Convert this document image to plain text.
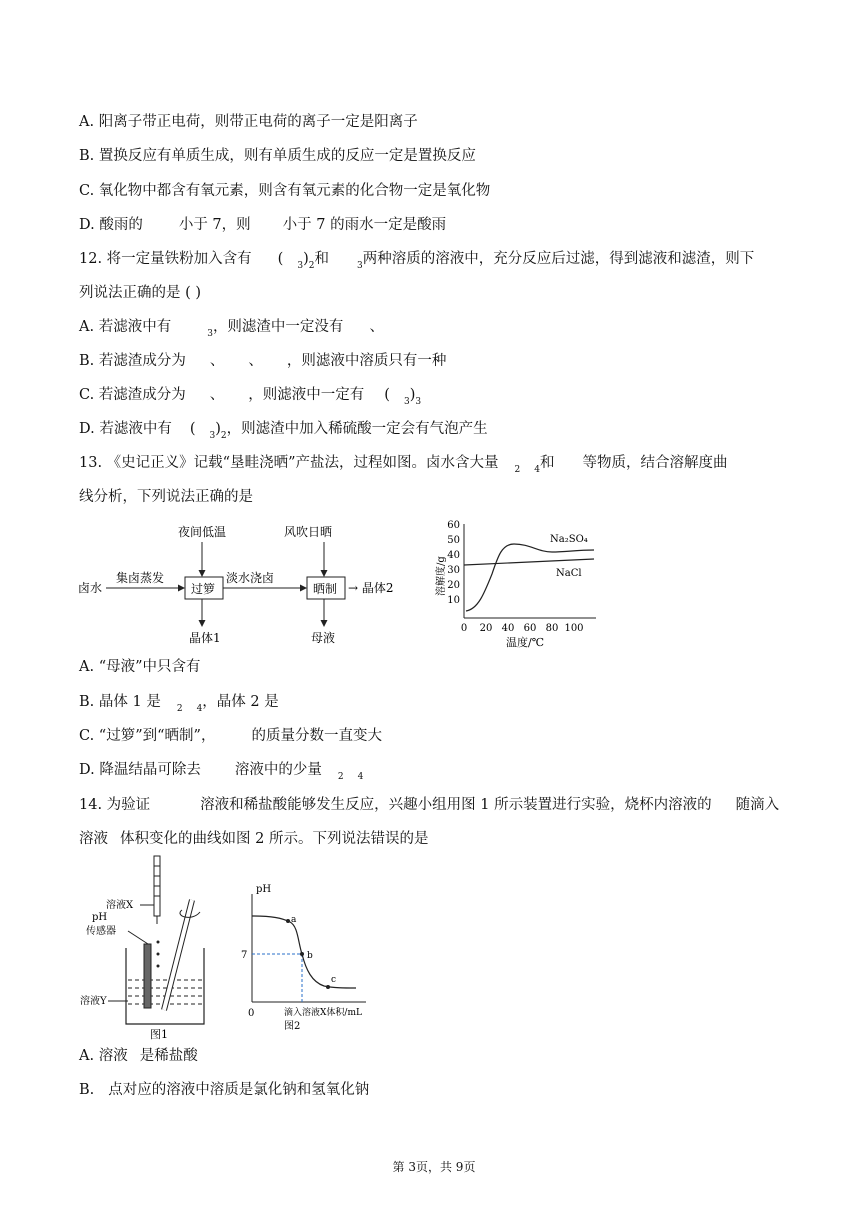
A. 阳离子带正电荷，则带正电荷的离子一定是阳离子
B. 置换反应有单质生成，则有单质生成的反应一定是置换反应
C. 氧化物中都含有氧元素，则含有氧元素的化合物一定是氧化物
D. 酸雨的 小于 7，则 小于 7 的雨水一定是酸雨
12. 将一定量铁粉加入含有 ( $_3)_2$和	$_3$两种溶质的溶液中，充分反应后过滤，得到滤液和滤渣，则下
列说法正确的是 ( )
A. 若滤液中有	$_3$，则滤渣中一定没有 、
B. 若滤渣成分为 、 、 ，则滤液中溶质只有一种
C. 若滤渣成分为 、 ，则滤液中一定有 ( $_3)_3$
D. 若滤液中有 ( $_3)_2$，则滤渣中加入稀硫酸一定会有气泡产生
13. 《史记正义》记载“垦畦浇晒”产盐法，过程如图。卤水含大量 $_2$ $_4$和 等物质，结合溶解度曲
线分析，下列说法正确的是
卤水
集卤蒸发
夜间低温
过箩
淡水浇卤
风吹日晒
晒制 → 晶体2
晶体1	母液
60
50
40
30
20
10
0 20 40 60 80 100
溶解度/g
温度/℃
Na₂SO₄
NaCl
A. “母液”中只含有
B. 晶体 1 是 $_2$ $_4$，晶体 2 是
C. “过箩”到“晒制”， 的质量分数一直变大
D. 降温结晶可除去 溶液中的少量 $_2$ $_4$
14. 为验证	溶液和稀盐酸能够发生反应，兴趣小组用图 1 所示装置进行实验，烧杯内溶液的 随滴入
溶液 体积变化的曲线如图 2 所示。下列说法错误的是
溶液X
pH
传感器
溶液Y
图1
pH
7
0
a
b
c
滴入溶液X体积/mL
图2
A. 溶液 是稀盐酸
B. 点对应的溶液中溶质是氯化钠和氢氧化钠
第 3页，共 9页
